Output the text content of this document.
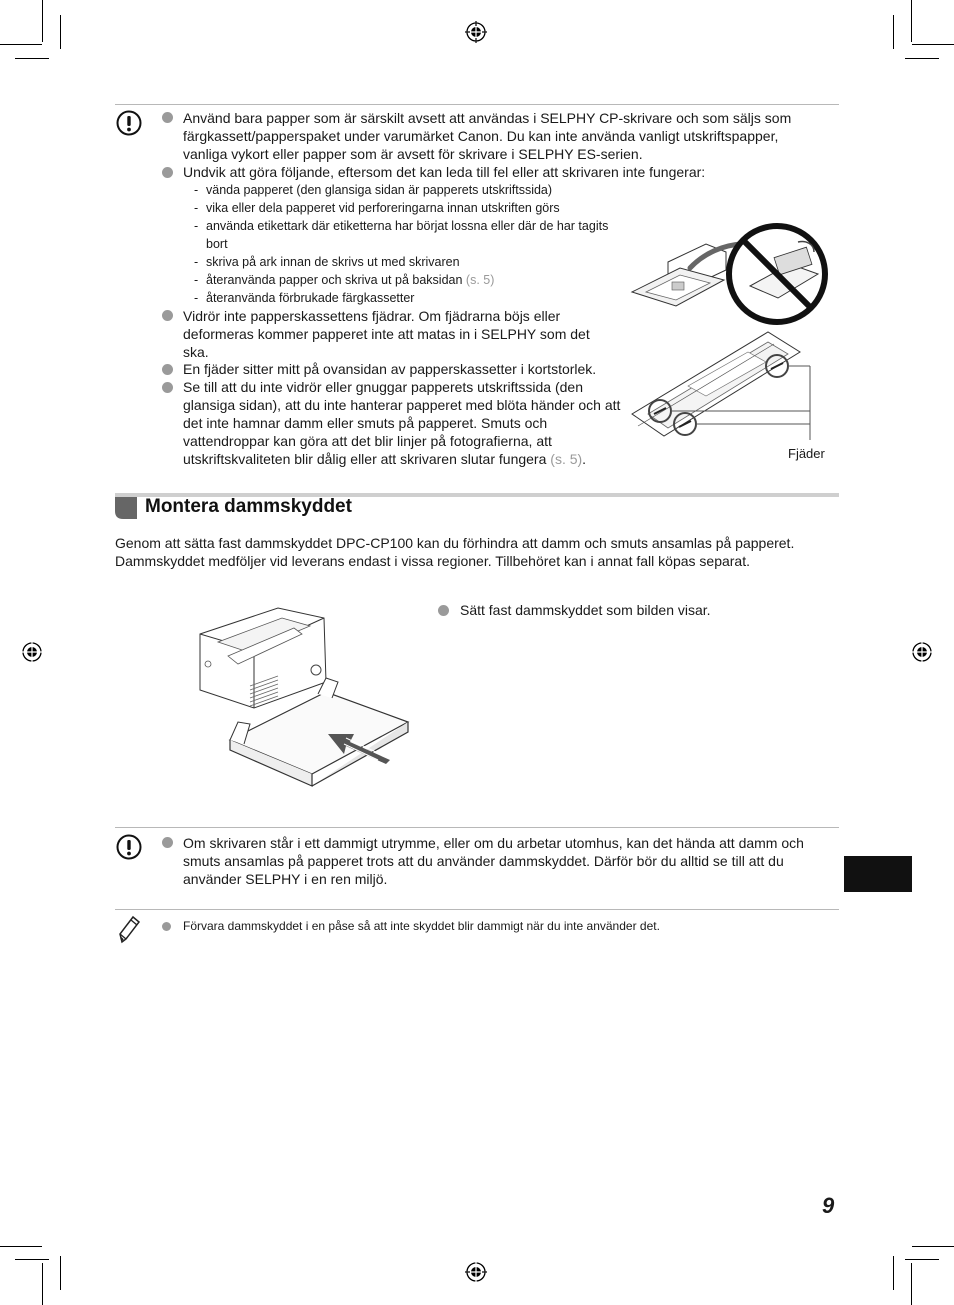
Använd bara papper som är särskilt avsett att användas i SELPHY CP-skrivare och som säljs som färgkassett/papperspaket under varumärket Canon. Du kan inte använda vanligt utskriftspapper, vanliga vykort eller papper som är avsett för skrivare i SELPHY ES-serien.
Undvik att göra följande, eftersom det kan leda till fel eller att skrivaren inte fungerar:
- vända papperet (den glansiga sidan är papperets utskriftssida)
- vika eller dela papperet vid perforeringarna innan utskriften görs
- använda etikettark där etiketterna har börjat lossna eller där de har tagits bort
- skriva på ark innan de skrivs ut med skrivaren
- återanvända papper och skriva ut på baksidan (s. 5)
- återanvända förbrukade färgkassetter
Vidrör inte papperskassettens fjädrar. Om fjädrarna böjs eller deformeras kommer papperet inte att matas in i SELPHY som det ska.
En fjäder sitter mitt på ovansidan av papperskassetter i kortstorlek.
Se till att du inte vidrör eller gnuggar papperets utskriftssida (den glansiga sidan), att du inte hanterar papperet med blöta händer och att det inte hamnar damm eller smuts på papperet. Smuts och vattendroppar kan göra att det blir linjer på fotografierna, att utskriftskvaliteten blir dålig eller att skrivaren slutar fungera (s. 5).	Fjäder
Montera dammskyddet
Genom att sätta fast dammskyddet DPC-CP100 kan du förhindra att damm och smuts ansamlas på papperet. Dammskyddet medföljer vid leverans endast i vissa regioner. Tillbehöret kan i annat fall köpas separat.
Sätt fast dammskyddet som bilden visar.
Om skrivaren står i ett dammigt utrymme, eller om du arbetar utomhus, kan det hända att damm och smuts ansamlas på papperet trots att du använder dammskyddet. Därför bör du alltid se till att du använder SELPHY i en ren miljö.
Förvara dammskyddet i en påse så att inte skyddet blir dammigt när du inte använder det.
9
